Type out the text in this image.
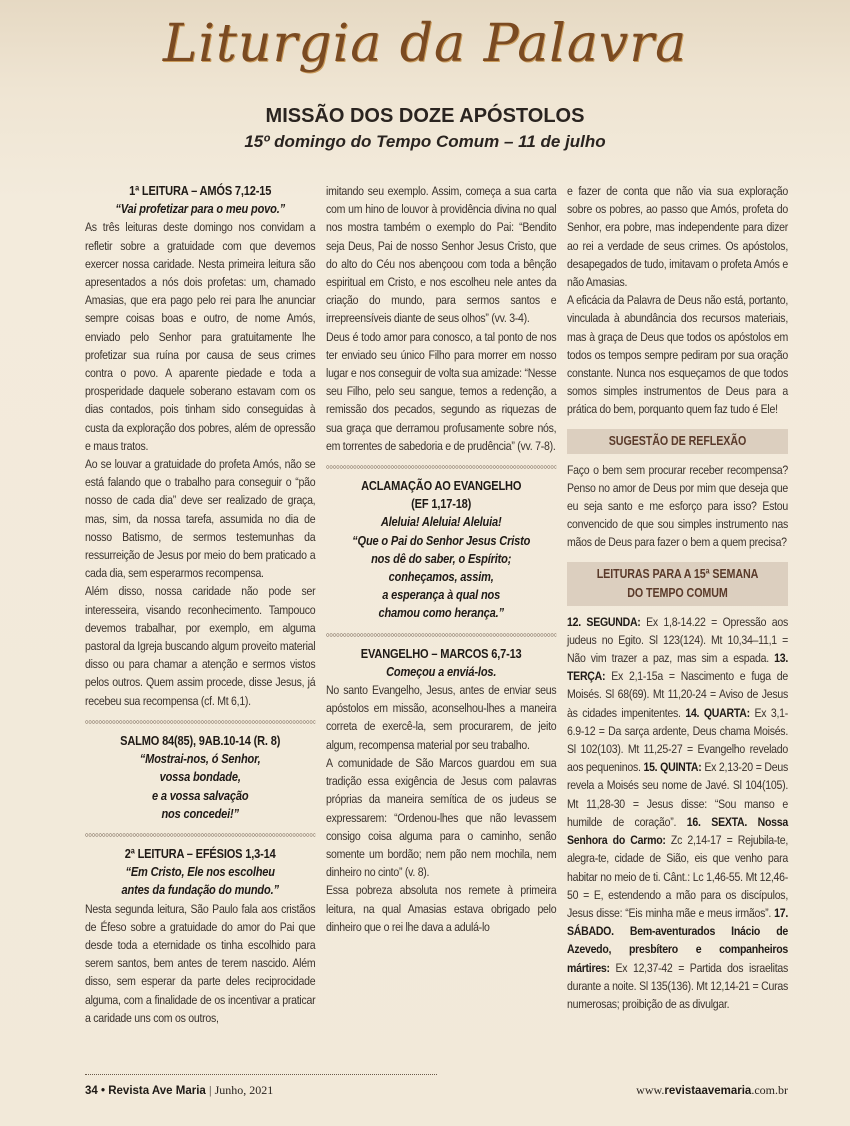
Liturgia da Palavra
MISSÃO DOS DOZE APÓSTOLOS
15º domingo do Tempo Comum – 11 de julho
1ª LEITURA – AMÓS 7,12-15
“Vai profetizar para o meu povo.”

As três leituras deste domingo nos convidam a refletir sobre a gratuidade com que devemos exercer nossa caridade. Nesta primeira leitura são apresentados a nós dois profetas: um, chamado Amasias, que era pago pelo rei para lhe anunciar sempre coisas boas e outro, de nome Amós, enviado pelo Senhor para gratuitamente lhe profetizar sua ruína por causa de seus crimes contra o povo. A aparente piedade e toda a prosperidade daquele soberano estavam com os dias contados, pois tinham sido conseguidas à custa da exploração dos pobres, além de opressão e maus tratos.

Ao se louvar a gratuidade do profeta Amós, não se está falando que o trabalho para conseguir o “pão nosso de cada dia” deve ser realizado de graça, mas, sim, da nossa tarefa, assumida no dia de nosso Batismo, de sermos testemunhas da ressurreição de Jesus por meio do bem praticado a cada dia, sem esperarmos recompensa.

Além disso, nossa caridade não pode ser interesseira, visando reconhecimento. Tampouco devemos trabalhar, por exemplo, em alguma pastoral da Igreja buscando algum proveito material disso ou para chamar a atenção e sermos vistos pelos outros. Quem assim procede, disse Jesus, já recebeu sua recompensa (cf. Mt 6,1).

SALMO 84(85), 9AB.10-14 (R. 8)
“Mostrai-nos, ó Senhor,
vossa bondade,
e a vossa salvação
nos concedei!”
2ª LEITURA – EFÉSIOS 1,3-14
“Em Cristo, Ele nos escolheu
antes da fundação do mundo.”

Nesta segunda leitura, São Paulo fala aos cristãos de Éfeso sobre a gratuidade do amor do Pai que desde toda a eternidade os tinha escolhido para serem santos, bem antes de terem nascido. Além disso, sem esperar da parte deles reciprocidade alguma, com a finalidade de os incentivar a praticar a caridade uns com os outros,

imitando seu exemplo. Assim, começa a sua carta com um hino de louvor à providência divina no qual nos mostra também o exemplo do Pai: “Bendito seja Deus, Pai de nosso Senhor Jesus Cristo, que do alto do Céu nos abençoou com toda a bênção espiritual em Cristo, e nos escolheu nele antes da criação do mundo, para sermos santos e irrepreensíveis diante de seus olhos” (vv. 3-4).

Deus é todo amor para conosco, a tal ponto de nos ter enviado seu único Filho para morrer em nosso lugar e nos conseguir de volta sua amizade: “Nesse seu Filho, pelo seu sangue, temos a redenção, a remissão dos pecados, segundo as riquezas de sua graça que derramou profusamente sobre nós, em torrentes de sabedoria e de prudência” (vv. 7-8).

ACLAMAÇÃO AO EVANGELHO
(EF 1,17-18)
Aleluia! Aleluia! Aleluia!
“Que o Pai do Senhor Jesus Cristo
nos dê do saber, o Espírito;
conheçamos, assim,
a esperança à qual nos
chamou como herança.”
EVANGELHO – MARCOS 6,7-13
Começou a enviá-los.

No santo Evangelho, Jesus, antes de enviar seus apóstolos em missão, aconselhou-lhes a maneira correta de exercê-la, sem procurarem, de jeito algum, recompensa material por seu trabalho.

A comunidade de São Marcos guardou em sua tradição essa exigência de Jesus com palavras próprias da maneira semítica de os judeus se expressarem: “Ordenou-lhes que não levassem consigo coisa alguma para o caminho, senão somente um bordão; nem pão nem mochila, nem dinheiro no cinto” (v. 8).

Essa pobreza absoluta nos remete à primeira leitura, na qual Amasias estava obrigado pelo dinheiro que o rei lhe dava a adulá-lo

e fazer de conta que não via sua exploração sobre os pobres, ao passo que Amós, profeta do Senhor, era pobre, mas independente para dizer ao rei a verdade de seus crimes. Os apóstolos, desapegados de tudo, imitavam o profeta Amós e não Amasias.

A eficácia da Palavra de Deus não está, portanto, vinculada à abundância dos recursos materiais, mas à graça de Deus que todos os apóstolos em todos os tempos sempre pediram por sua oração constante. Nunca nos esqueçamos de que todos somos simples instrumentos de Deus para a prática do bem, porquanto quem faz tudo é Ele!

SUGESTÃO DE REFLEXÃO

Faço o bem sem procurar receber recompensa? Penso no amor de Deus por mim que deseja que eu seja santo e me esforço para isso? Estou convencido de que sou simples instrumento nas mãos de Deus para fazer o bem a quem precisa?

LEITURAS PARA A 15ª SEMANA
DO TEMPO COMUM

12. SEGUNDA: Ex 1,8-14.22 = Opressão aos judeus no Egito. Sl 123(124). Mt 10,34–11,1 = Não vim trazer a paz, mas sim a espada. 13. TERÇA: Ex 2,1-15a = Nascimento e fuga de Moisés. Sl 68(69). Mt 11,20-24 = Aviso de Jesus às cidades impenitentes. 14. QUARTA: Ex 3,1-6.9-12 = Da sarça ardente, Deus chama Moisés. Sl 102(103). Mt 11,25-27 = Evangelho revelado aos pequeninos. 15. QUINTA: Ex 2,13-20 = Deus revela a Moisés seu nome de Javé. Sl 104(105). Mt 11,28-30 = Jesus disse: “Sou manso e humilde de coração”. 16. SEXTA. Nossa Senhora do Carmo: Zc 2,14-17 = Rejubila-te, alegra-te, cidade de Sião, eis que venho para habitar no meio de ti. Cânt.: Lc 1,46-55. Mt 12,46-50 = E, estendendo a mão para os discípulos, Jesus disse: “Eis minha mãe e meus irmãos”. 17. SÁBADO. Bem-aventurados Inácio de Azevedo, presbítero e companheiros mártires: Ex 12,37-42 = Partida dos israelitas durante a noite. Sl 135(136). Mt 12,14-21 = Curas numerosas; proibição de as divulgar.

34 • Revista Ave Maria | Junho, 2021	www.revistaavemaria.com.br
